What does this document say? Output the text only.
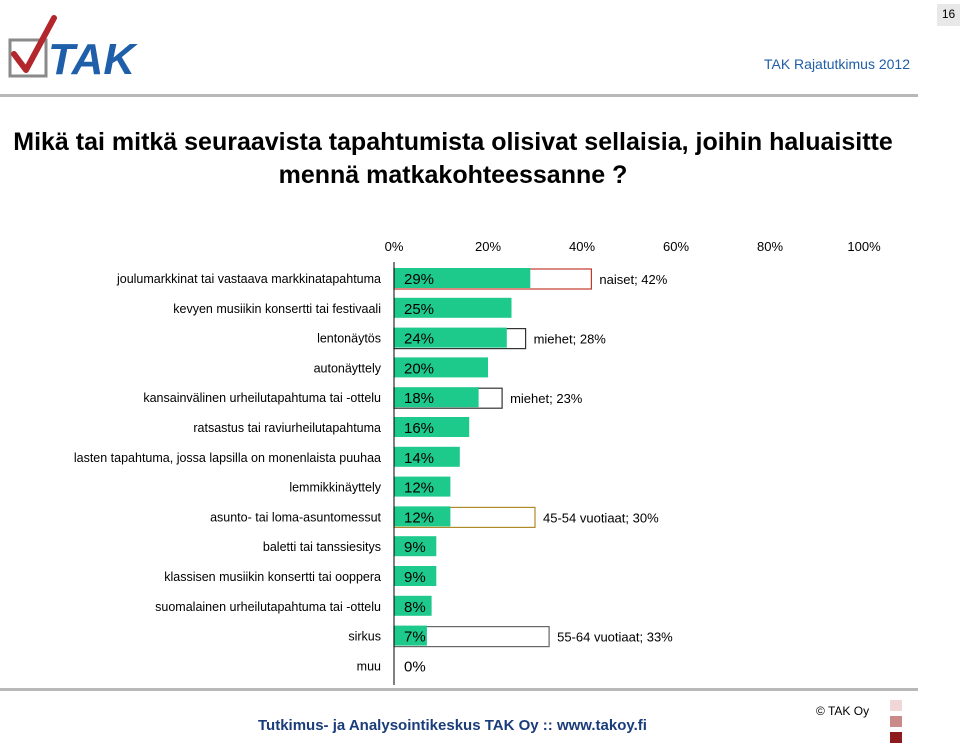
16
TAK	TAK Rajatutkimus 2012
Mikä tai mitkä seuraavista tapahtumista olisivat sellaisia, joihin haluaisitte mennä matkakohteessanne ?
0%	20%	40%	60%	80%	100%
naiset; 42%
miehet; 28%
miehet; 23%
45-54 vuotiaat; 30%
55-64 vuotiaat; 33%
joulumarkkinat tai vastaava markkinatapahtuma 29%
kevyen musiikin konsertti tai festivaali 25%
lentonäytös 24%
autonäyttely 20%
kansainvälinen urheilutapahtuma tai -ottelu 18%
ratsastus tai raviurheilutapahtuma 16%
lasten tapahtuma, jossa lapsilla on monenlaista puuhaa 14%
lemmikkinäyttely 12%
asunto- tai loma-asuntomessut 12%
baletti tai tanssiesitys 9%
klassisen musiikin konsertti tai ooppera 9%
suomalainen urheilutapahtuma tai -ottelu 8%
sirkus 7%
muu 0%
© TAK Oy
Tutkimus- ja Analysointikeskus TAK Oy :: www.takoy.fi
